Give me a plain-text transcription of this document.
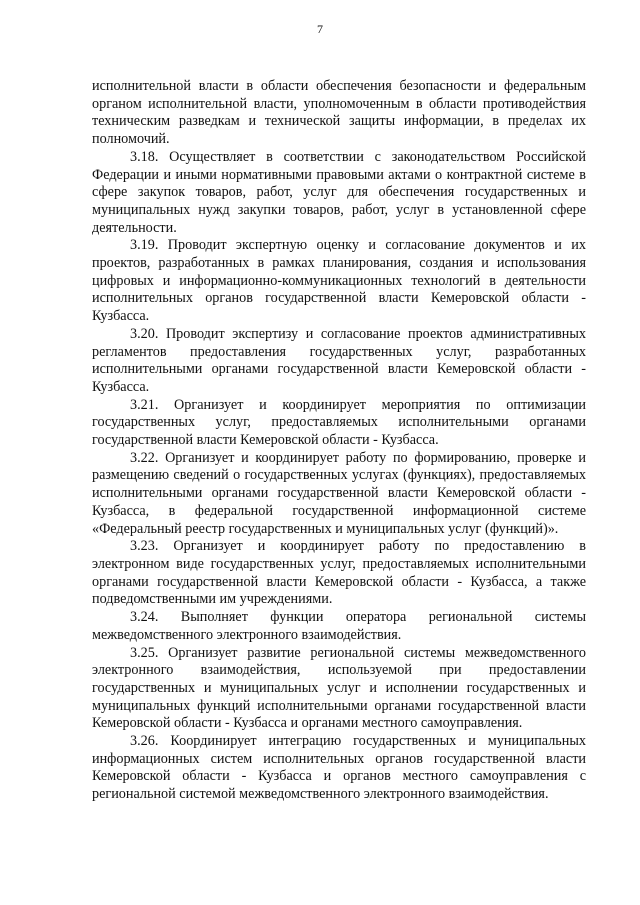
7

исполнительной власти в области обеспечения безопасности и федеральным органом исполнительной власти, уполномоченным в области противодействия техническим разведкам и технической защиты информации, в пределах их полномочий.

3.18. Осуществляет в соответствии с законодательством Российской Федерации и иными нормативными правовыми актами о контрактной системе в сфере закупок товаров, работ, услуг для обеспечения государственных и муниципальных нужд закупки товаров, работ, услуг в установленной сфере деятельности.

3.19. Проводит экспертную оценку и согласование документов и их проектов, разработанных в рамках планирования, создания и использования цифровых и информационно-коммуникационных технологий в деятельности исполнительных органов государственной власти Кемеровской области - Кузбасса.

3.20. Проводит экспертизу и согласование проектов административных регламентов предоставления государственных услуг, разработанных исполнительными органами государственной власти Кемеровской области - Кузбасса.

3.21. Организует и координирует мероприятия по оптимизации государственных услуг, предоставляемых исполнительными органами государственной власти Кемеровской области - Кузбасса.

3.22. Организует и координирует работу по формированию, проверке и размещению сведений о государственных услугах (функциях), предоставляемых исполнительными органами государственной власти Кемеровской области - Кузбасса, в федеральной государственной информационной системе «Федеральный реестр государственных и муниципальных услуг (функций)».

3.23. Организует и координирует работу по предоставлению в электронном виде государственных услуг, предоставляемых исполнительными органами государственной власти Кемеровской области - Кузбасса, а также подведомственными им учреждениями.

3.24. Выполняет функции оператора региональной системы межведомственного электронного взаимодействия.

3.25. Организует развитие региональной системы межведомственного электронного взаимодействия, используемой при предоставлении государственных и муниципальных услуг и исполнении государственных и муниципальных функций исполнительными органами государственной власти Кемеровской области - Кузбасса и органами местного самоуправления.

3.26. Координирует интеграцию государственных и муниципальных информационных систем исполнительных органов государственной власти Кемеровской области - Кузбасса и органов местного самоуправления с региональной системой межведомственного электронного взаимодействия.
